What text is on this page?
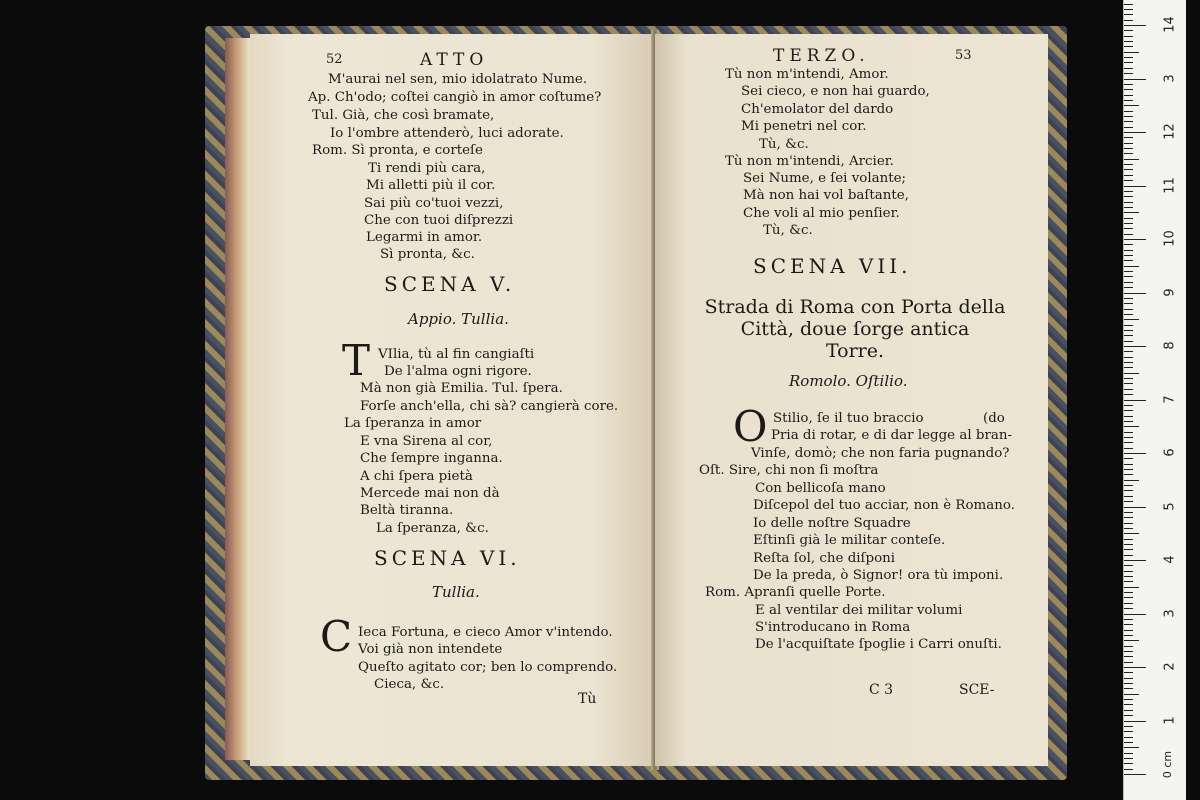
52	ATTO
M'aurai nel sen, mio idolatrato Nume.
Ap. Ch'odo; coſtei cangiò in amor coſtume?
Tul. Già, che così bramate,
Io l'ombre attenderò, luci adorate.
Rom. Sì pronta, e corteſe
Ti rendi più cara,
Mi alletti più il cor.
Sai più co'tuoi vezzi,
Che con tuoi diſprezzi
Legarmi in amor.
Sì pronta, &c.
SCENA V.
Appio. Tullia.
T VIlia, tù al fin cangiaſti
De l'alma ogni rigore.
Mà non già Emilia. Tul. ſpera.
Forſe anch'ella, chi sà? cangierà core.
La ſperanza in amor
E vna Sirena al cor,
Che ſempre inganna.
A chi ſpera pietà
Mercede mai non dà
Beltà tiranna.
La ſperanza, &c.
SCENA VI.
Tullia.
C Ieca Fortuna, e cieco Amor v'intendo.
Voi già non intendete
Queſto agitato cor; ben lo comprendo.
Cieca, &c.
Tù
TERZO.	53
Tù non m'intendi, Amor.
Sei cieco, e non hai guardo,
Ch'emolator del dardo
Mi penetri nel cor.
Tù, &c.
Tù non m'intendi, Arcier.
Sei Nume, e ſei volante;
Mà non hai vol baſtante,
Che voli al mio penſier.
Tù, &c.
SCENA VII.
Strada di Roma con Porta della
Città, doue ſorge antica
Torre.
Romolo. Oſtilio.
O Stilio, ſe il tuo braccio	(do
Pria di rotar, e di dar legge al bran-
Vinſe, domò; che non faria pugnando?
Oſt. Sire, chi non ſi moſtra
Con bellicoſa mano
Diſcepol del tuo acciar, non è Romano.
Io delle noſtre Squadre
Eſtinſi già le militar conteſe.
Reſta ſol, che diſponi
De la preda, ò Signor! ora tù imponi.
Rom. Apranſi quelle Porte.
E al ventilar dei militar volumi
S'introducano in Roma
De l'acquiſtate ſpoglie i Carri onuſti.
C 3	SCE-
0 cm
1
2
3
4
5
6
7
8
9
10
11
12
3
14
